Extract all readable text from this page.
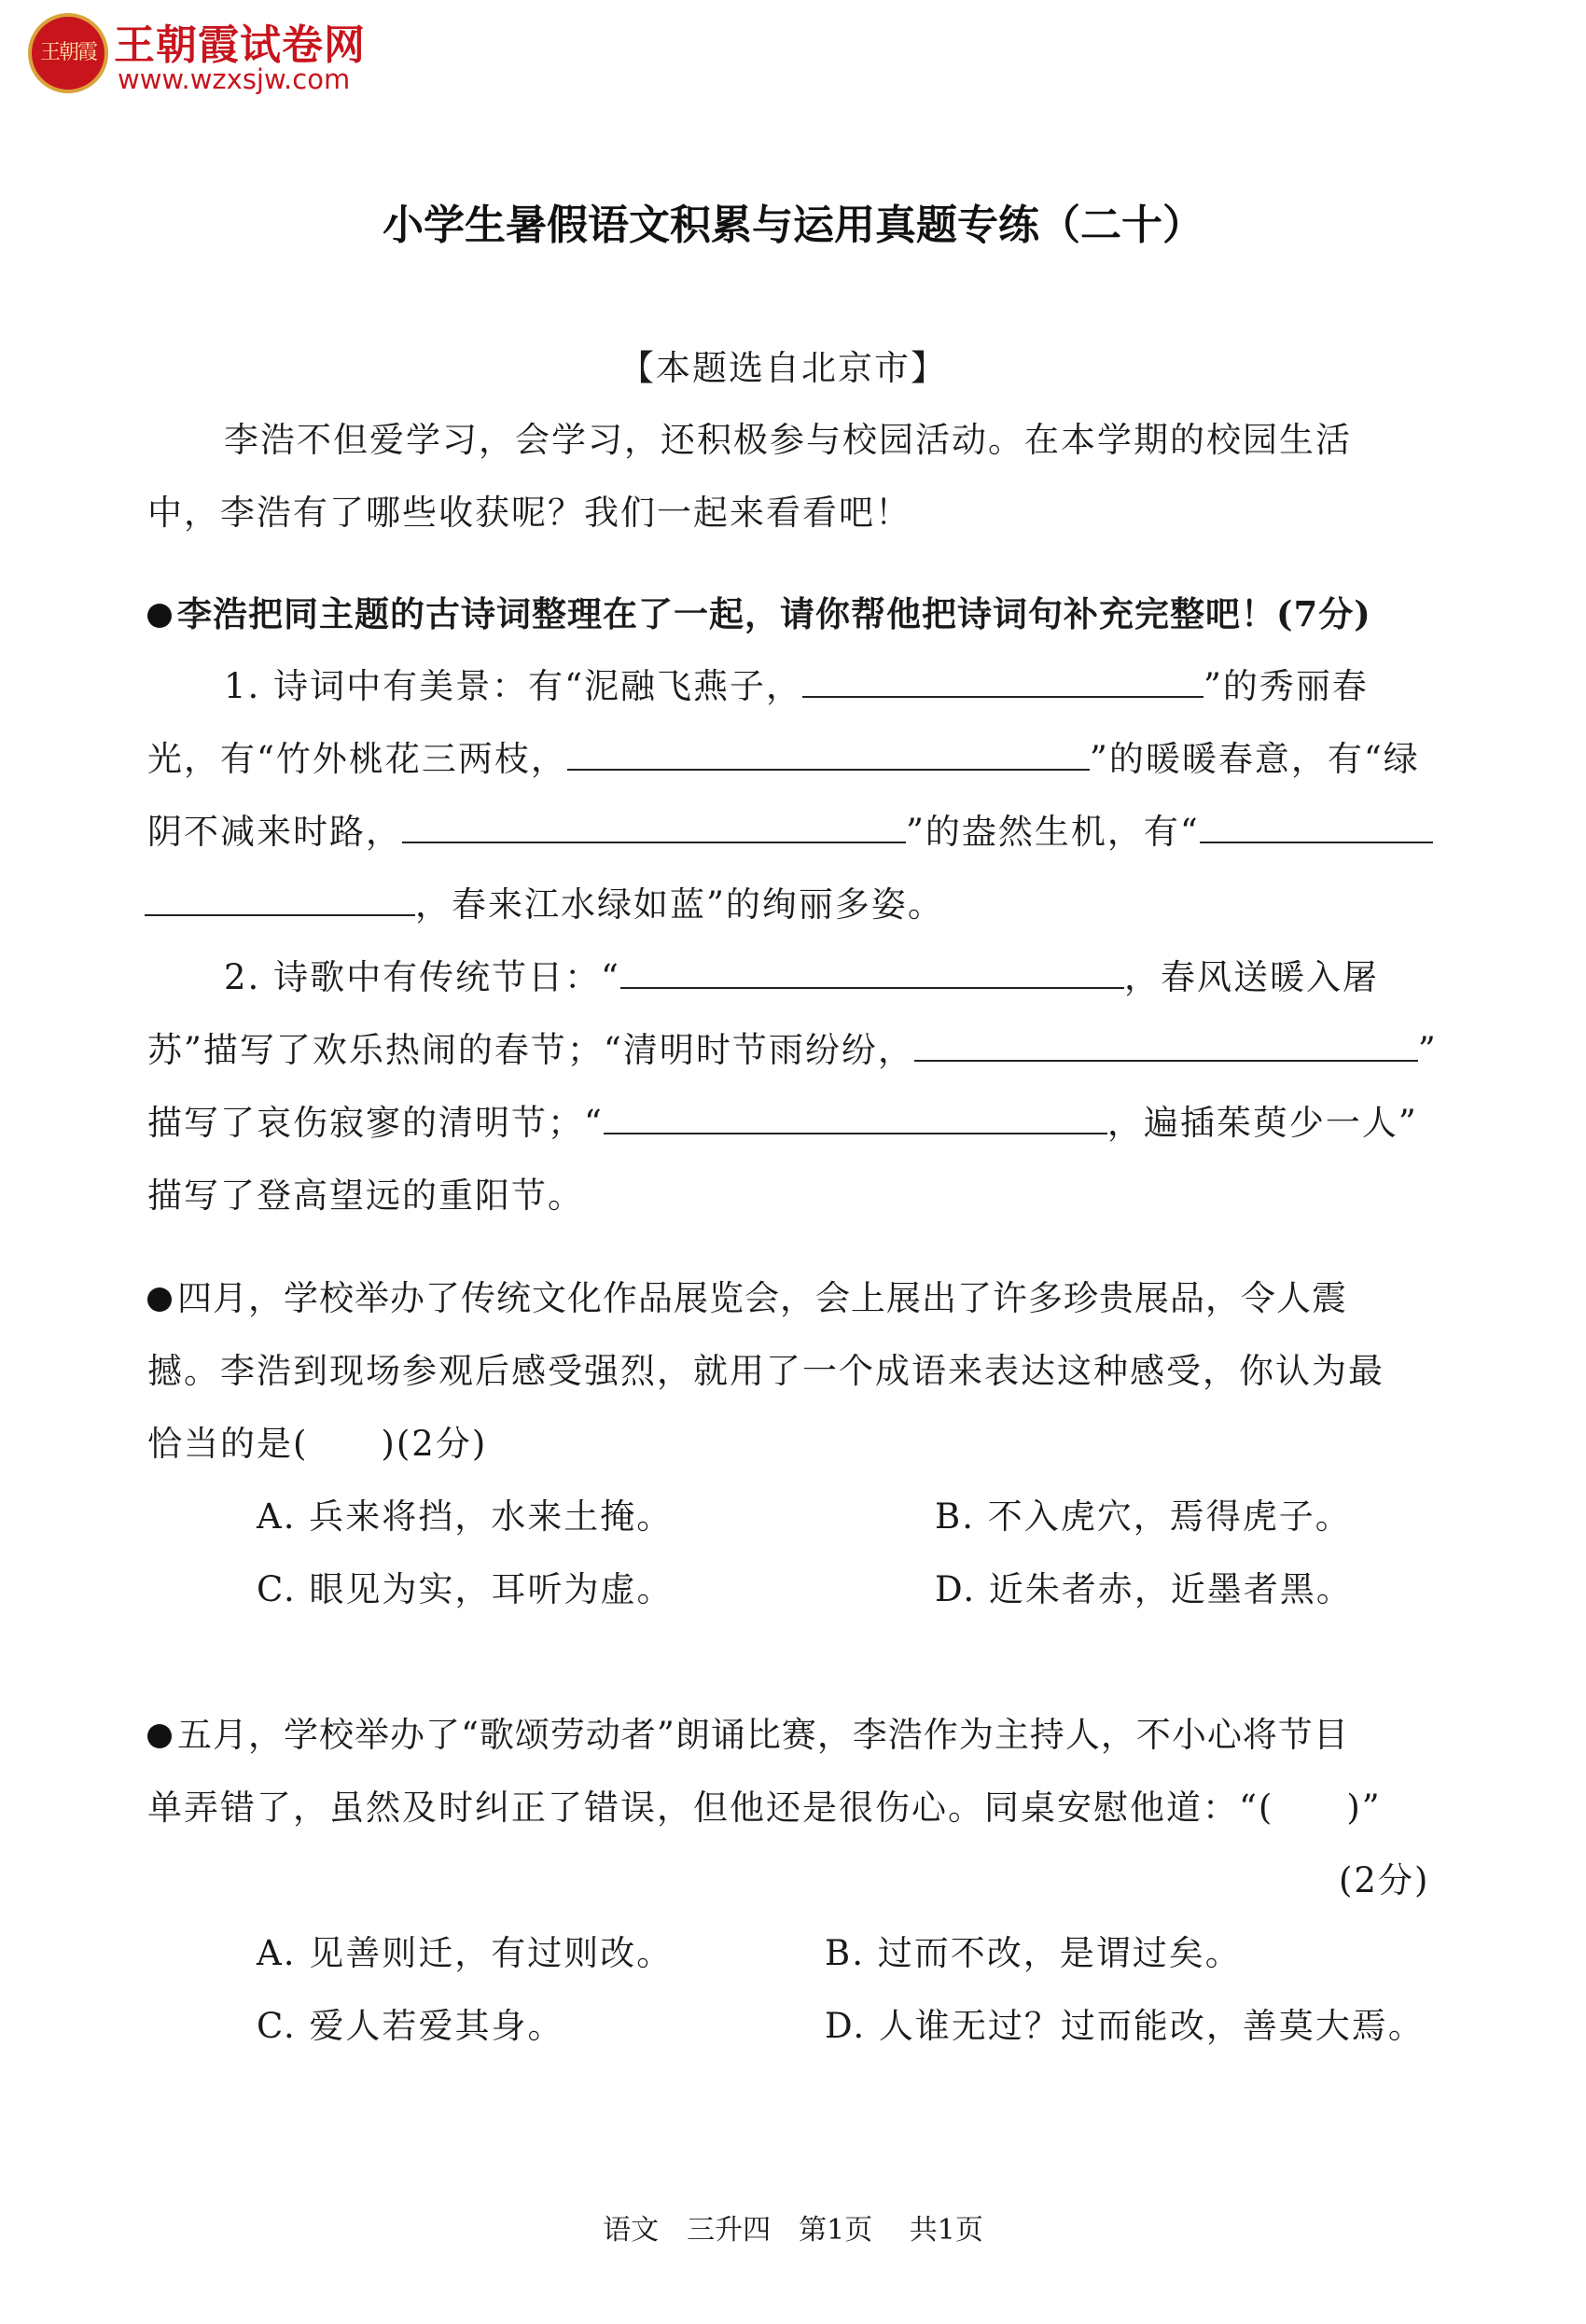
王朝霞 王朝霞试卷网
www.wzxsjw.com
小学生暑假语文积累与运用真题专练（二十）
【本题选自北京市】
李浩不但爱学习，会学习，还积极参与校园活动。在本学期的校园生活
中，李浩有了哪些收获呢？我们一起来看看吧！
李浩把同主题的古诗词整理在了一起，请你帮他把诗词句补充完整吧！(7分)
1. 诗词中有美景：有“泥融飞燕子，	”的秀丽春
光，有“竹外桃花三两枝，	”的暖暖春意，有“绿
阴不减来时路，	”的盎然生机，有“
，春来江水绿如蓝”的绚丽多姿。
2. 诗歌中有传统节日：“	，春风送暖入屠
苏”描写了欢乐热闹的春节；“清明时节雨纷纷，	”
描写了哀伤寂寥的清明节；“	，遍插茱萸少一人”
描写了登高望远的重阳节。
四月，学校举办了传统文化作品展览会，会上展出了许多珍贵展品，令人震
撼。李浩到现场参观后感受强烈，就用了一个成语来表达这种感受，你认为最
恰当的是(　　)(2分)
A. 兵来将挡，水来土掩。	B. 不入虎穴，焉得虎子。
C. 眼见为实，耳听为虚。	D. 近朱者赤，近墨者黑。
五月，学校举办了“歌颂劳动者”朗诵比赛，李浩作为主持人，不小心将节目
单弄错了，虽然及时纠正了错误，但他还是很伤心。同桌安慰他道：“(　　)”
(2分)
A. 见善则迁，有过则改。	B. 过而不改，是谓过矣。
C. 爱人若爱其身。	D. 人谁无过？过而能改，善莫大焉。
语文　三升四　第1页　 共1页
